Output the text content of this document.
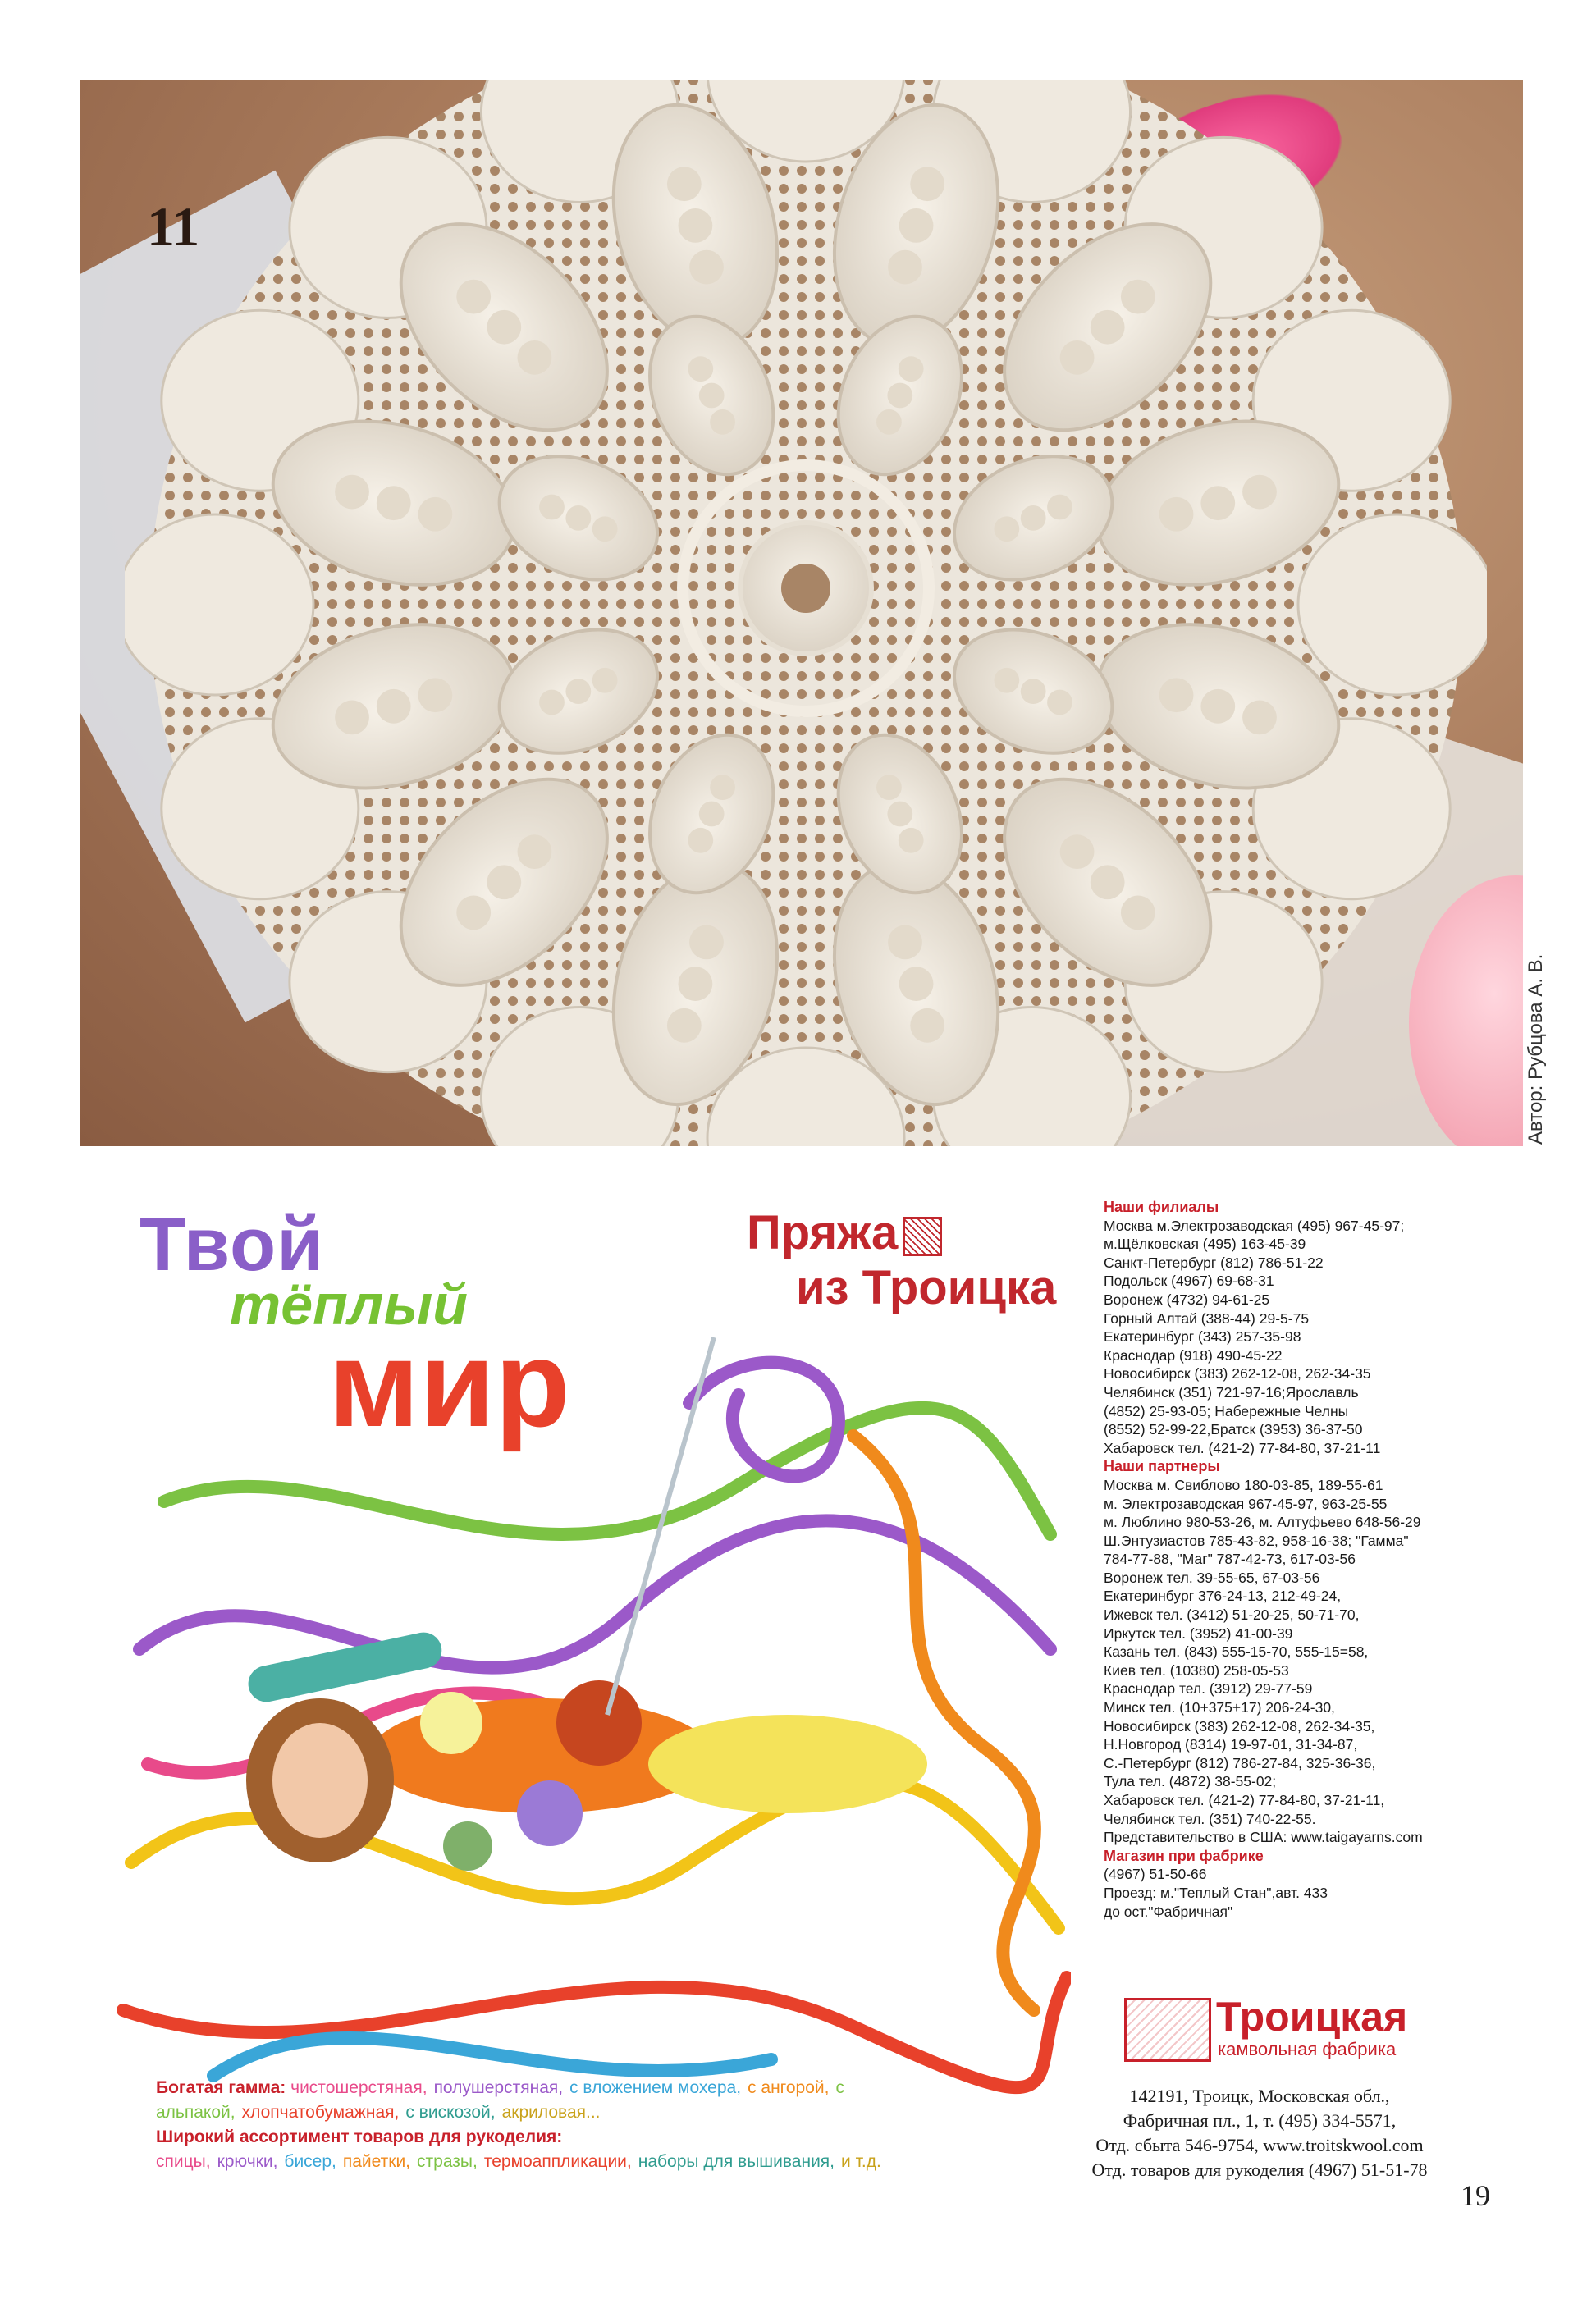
11
Автор: Рубцова А. В.
Твой
тёплый
мир
Пряжа
из Троицка
Наши филиалы
Москва м.Электрозаводская (495) 967-45-97;
м.Щёлковская (495) 163-45-39
Санкт-Петербург (812) 786-51-22
Подольск (4967) 69-68-31
Воронеж (4732) 94-61-25
Горный Алтай (388-44) 29-5-75
Екатеринбург (343) 257-35-98
Краснодар (918) 490-45-22
Новосибирск (383) 262-12-08, 262-34-35
Челябинск (351) 721-97-16;Ярославль
(4852) 25-93-05; Набережные Челны
(8552) 52-99-22,Братск (3953) 36-37-50
Хабаровск тел. (421-2) 77-84-80, 37-21-11
Наши партнеры
Москва м. Свиблово 180-03-85, 189-55-61
м. Электрозаводская 967-45-97, 963-25-55
м. Люблино 980-53-26, м. Алтуфьево 648-56-29
Ш.Энтузиастов 785-43-82, 958-16-38; "Гамма"
784-77-88, "Маг" 787-42-73, 617-03-56
Воронеж тел. 39-55-65, 67-03-56
Екатеринбург 376-24-13, 212-49-24,
Ижевск тел. (3412) 51-20-25, 50-71-70,
Иркутск тел. (3952) 41-00-39
Казань тел. (843) 555-15-70, 555-15=58,
Киев тел. (10380) 258-05-53
Краснодар тел. (3912) 29-77-59
Минск тел. (10+375+17) 206-24-30,
Новосибирск (383) 262-12-08, 262-34-35,
Н.Новгород (8314) 19-97-01, 31-34-87,
С.-Петербург (812) 786-27-84, 325-36-36,
Тула тел. (4872) 38-55-02;
Хабаровск тел. (421-2) 77-84-80, 37-21-11,
Челябинск тел. (351) 740-22-55.
Представительство в США: www.taigayarns.com
Магазин при фабрике
(4967) 51-50-66
Проезд: м."Теплый Стан",авт. 433
до ост."Фабричная"
Троицкая
камвольная фабрика
142191, Троицк, Московская обл.,
Фабричная пл., 1, т. (495) 334-5571,
Отд. сбыта 546-9754, www.troitskwool.com
Отд. товаров для рукоделия (4967) 51-51-78
Богатая гамма: чистошерстяная, полушерстяная, с вложением мохера, с ангорой, с альпакой, хлопчатобумажная, с вискозой, акриловая...
Широкий ассортимент товаров для рукоделия:
спицы, крючки, бисер, пайетки, стразы, термоаппликации, наборы для вышивания, и т.д.
19
